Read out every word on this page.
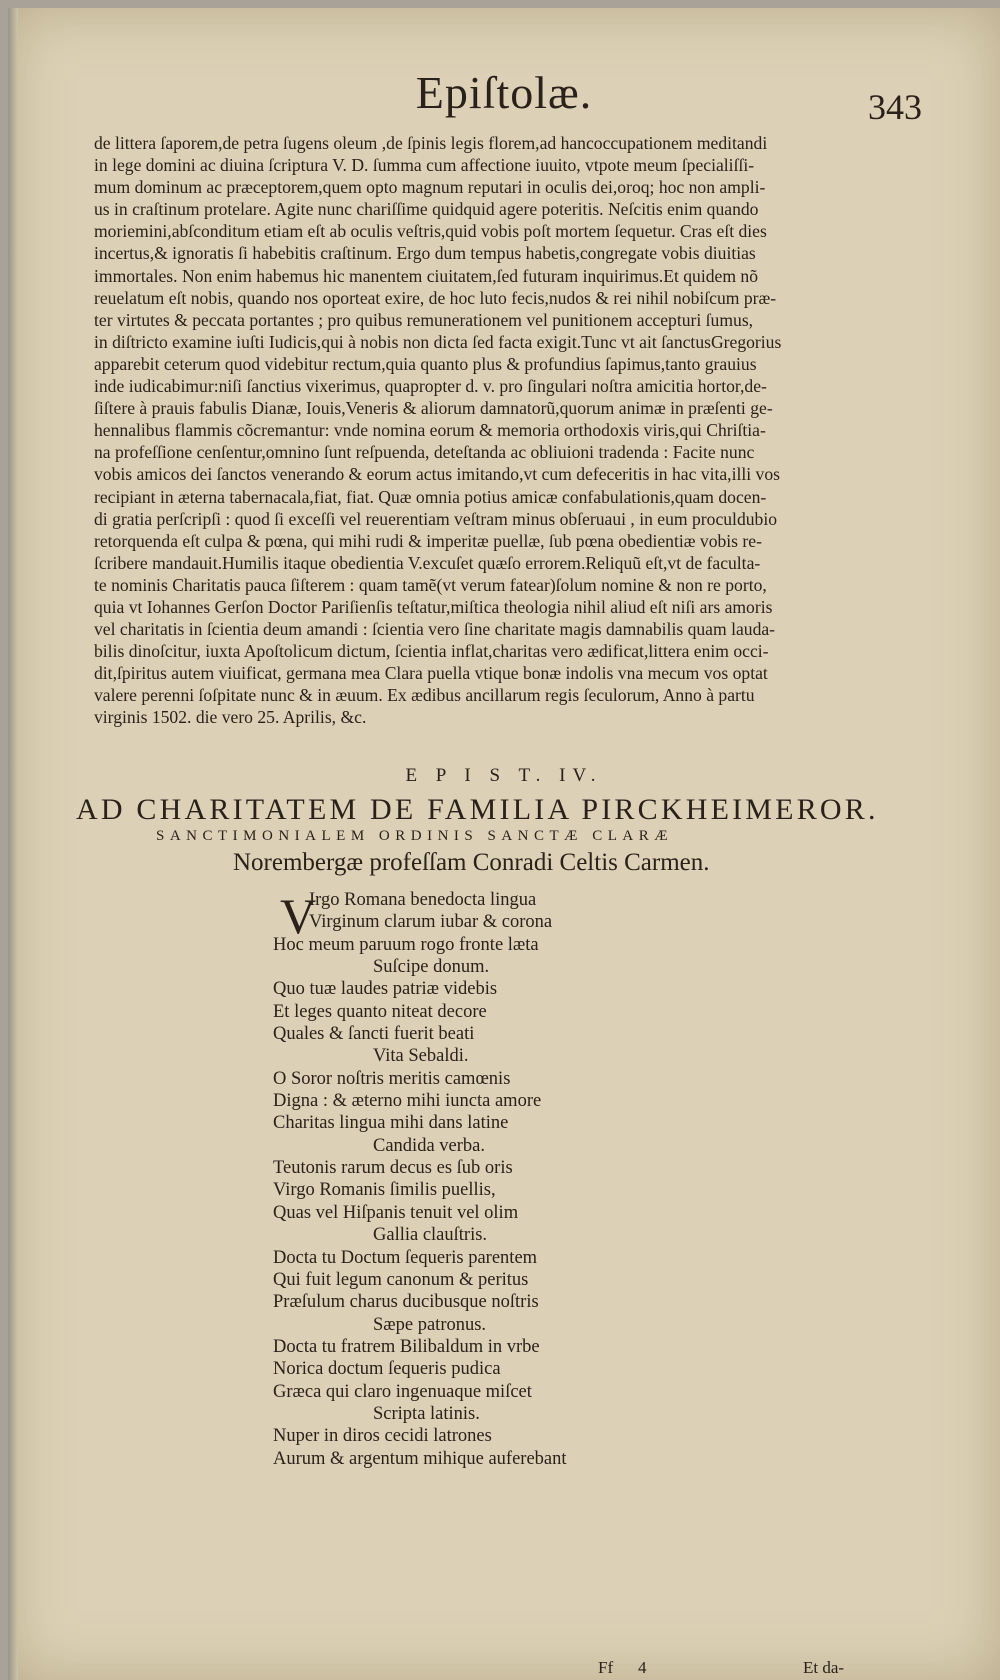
Epiſtolæ.	343
de littera ſaporem,de petra ſugens oleum ,de ſpinis legis florem,ad hancoccupationem meditandi
in lege domini ac diuina ſcriptura V. D. ſumma cum affectione iuuito, vtpote meum ſpecialiſſi-
mum dominum ac præceptorem,quem opto magnum reputari in oculis dei,oroq; hoc non ampli-
us in craſtinum protelare. Agite nunc chariſſime quidquid agere poteritis. Neſcitis enim quando
moriemini,abſconditum etiam eſt ab oculis veſtris,quid vobis poſt mortem ſequetur. Cras eſt dies
incertus,& ignoratis ſi habebitis craſtinum. Ergo dum tempus habetis,congregate vobis diuitias
immortales. Non enim habemus hic manentem ciuitatem,ſed futuram inquirimus.Et quidem nõ
reuelatum eſt nobis, quando nos oporteat exire, de hoc luto fecis,nudos & rei nihil nobiſcum præ-
ter virtutes & peccata portantes ; pro quibus remunerationem vel punitionem accepturi ſumus,
in diſtricto examine iuſti Iudicis,qui à nobis non dicta ſed facta exigit.Tunc vt ait ſanctusGregorius
apparebit ceterum quod videbitur rectum,quia quanto plus & profundius ſapimus,tanto grauius
inde iudicabimur:niſi ſanctius vixerimus, quapropter d. v. pro ſingulari noſtra amicitia hortor,de-
ſiſtere à prauis fabulis Dianæ, Iouis,Veneris & aliorum damnatorũ,quorum animæ in præſenti ge-
hennalibus flammis cõcremantur: vnde nomina eorum & memoria orthodoxis viris,qui Chriſtia-
na profeſſione cenſentur,omnino ſunt reſpuenda, deteſtanda ac obliuioni tradenda : Facite nunc
vobis amicos dei ſanctos venerando & eorum actus imitando,vt cum defeceritis in hac vita,illi vos
recipiant in æterna tabernacala,fiat, fiat. Quæ omnia potius amicæ confabulationis,quam docen-
di gratia perſcripſi : quod ſi exceſſi vel reuerentiam veſtram minus obſeruaui , in eum proculdubio
retorquenda eſt culpa & pœna, qui mihi rudi & imperitæ puellæ, ſub pœna obedientiæ vobis re-
ſcribere mandauit.Humilis itaque obedientia V.excuſet quæſo errorem.Reliquũ eſt,vt de faculta-
te nominis Charitatis pauca ſiſterem : quam tamẽ(vt verum fatear)ſolum nomine & non re porto,
quia vt Iohannes Gerſon Doctor Pariſienſis teſtatur,miſtica theologia nihil aliud eſt niſi ars amoris
vel charitatis in ſcientia deum amandi : ſcientia vero ſine charitate magis damnabilis quam lauda-
bilis dinoſcitur, iuxta Apoſtolicum dictum, ſcientia inflat,charitas vero ædificat,littera enim occi-
dit,ſpiritus autem viuificat, germana mea Clara puella vtique bonæ indolis vna mecum vos optat
valere perenni ſoſpitate nunc & in æuum. Ex ædibus ancillarum regis ſeculorum, Anno à partu
virginis 1502. die vero 25. Aprilis, &c.
E P I S T. IV.
AD CHARITATEM DE FAMILIA PIRCKHEIMEROR.
SANCTIMONIALEM ORDINIS SANCTÆ CLARÆ
Norembergæ profeſſam Conradi Celtis Carmen.
V
Irgo Romana benedocta lingua
Virginum clarum iubar & corona
Hoc meum paruum rogo fronte læta
Suſcipe donum.
Quo tuæ laudes patriæ videbis
Et leges quanto niteat decore
Quales & ſancti fuerit beati
Vita Sebaldi.
O Soror noſtris meritis camœnis
Digna : & æterno mihi iuncta amore
Charitas lingua mihi dans latine
Candida verba.
Teutonis rarum decus es ſub oris
Virgo Romanis ſimilis puellis,
Quas vel Hiſpanis tenuit vel olim
Gallia clauſtris.
Docta tu Doctum ſequeris parentem
Qui fuit legum canonum & peritus
Præſulum charus ducibusque noſtris
Sæpe patronus.
Docta tu fratrem Bilibaldum in vrbe
Norica doctum ſequeris pudica
Græca qui claro ingenuaque miſcet
Scripta latinis.
Nuper in diros cecidi latrones
Aurum & argentum mihique auferebant
Ff 4	Et da-
